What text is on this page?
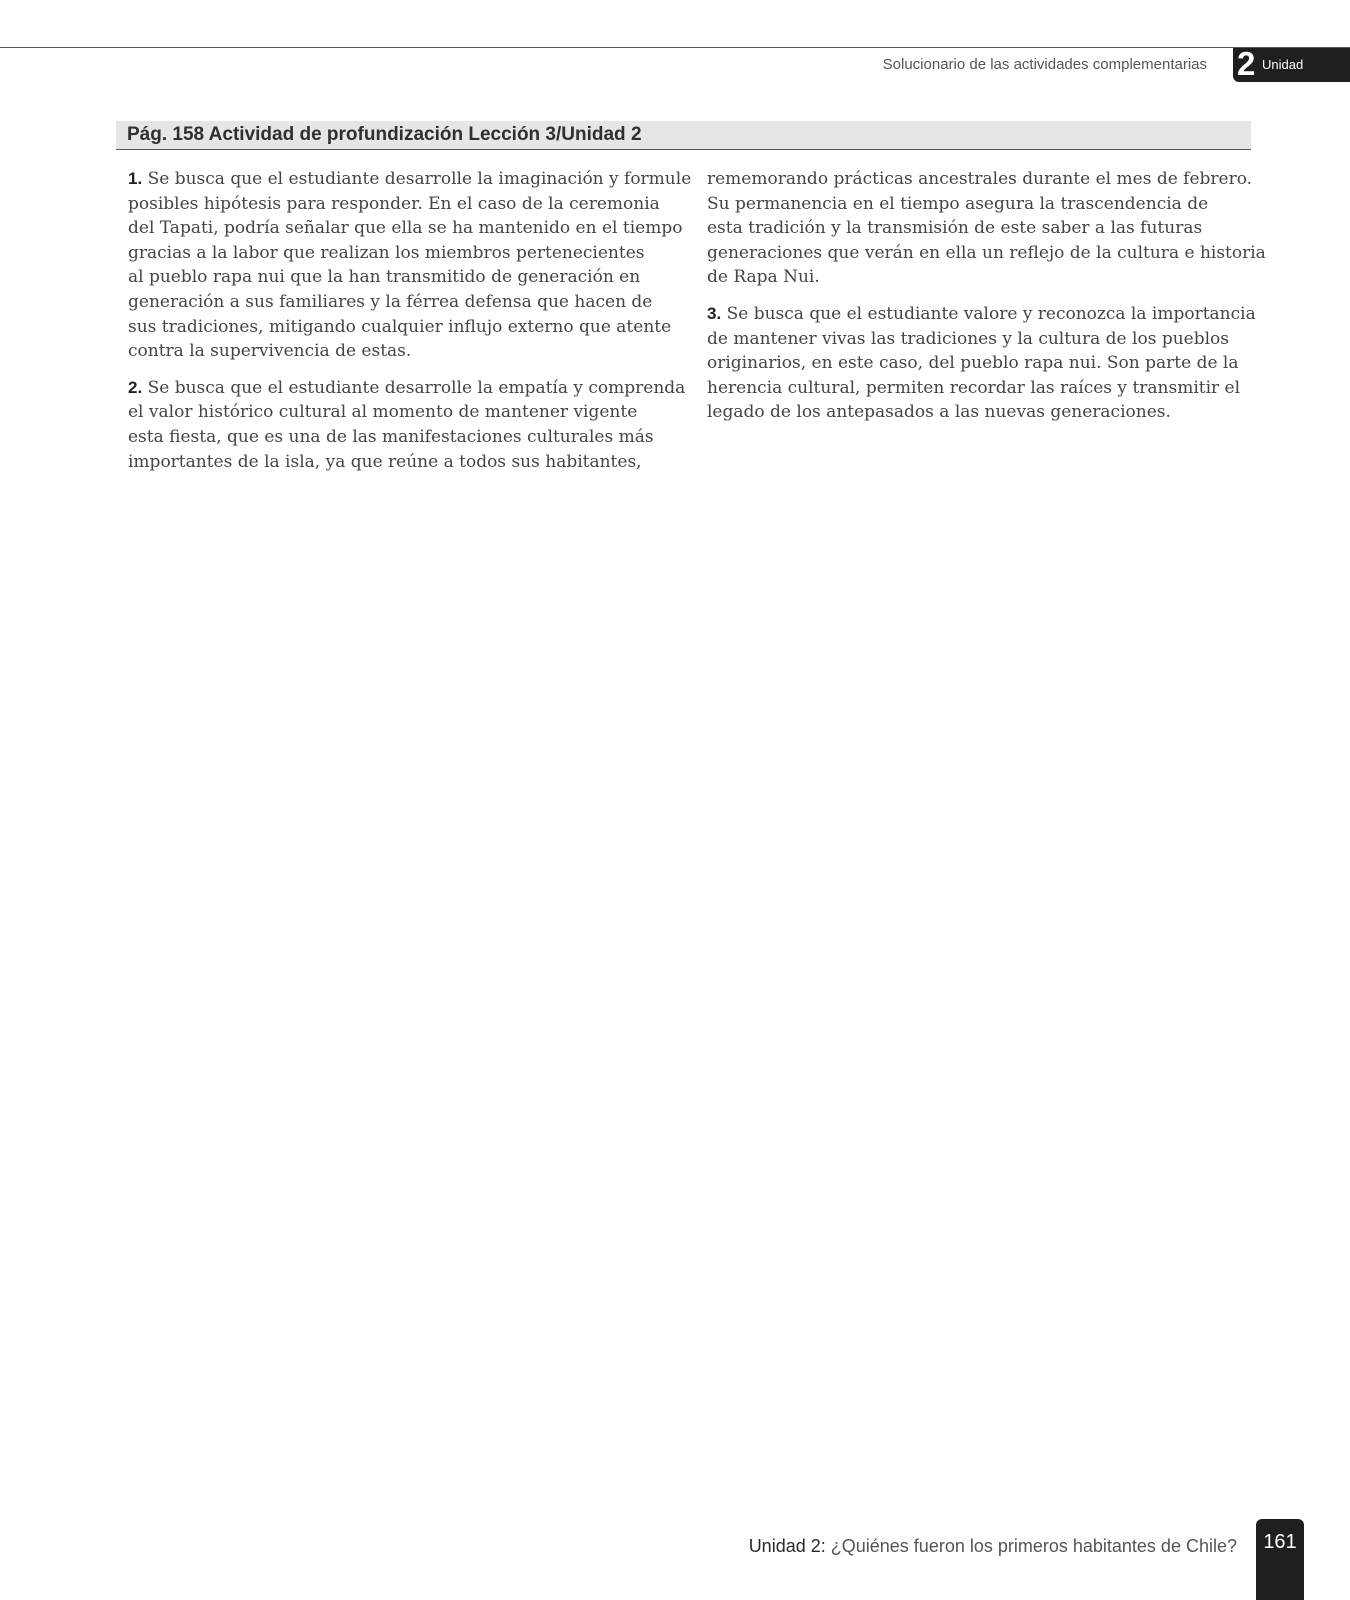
Solucionario de las actividades complementarias 2 Unidad
Pág. 158 Actividad de profundización Lección 3/Unidad 2

1. Se busca que el estudiante desarrolle la imaginación y formule
posibles hipótesis para responder. En el caso de la ceremonia
del Tapati, podría señalar que ella se ha mantenido en el tiempo
gracias a la labor que realizan los miembros pertenecientes
al pueblo rapa nui que la han transmitido de generación en
generación a sus familiares y la férrea defensa que hacen de
sus tradiciones, mitigando cualquier influjo externo que atente
contra la supervivencia de estas.

2. Se busca que el estudiante desarrolle la empatía y comprenda
el valor histórico cultural al momento de mantener vigente
esta fiesta, que es una de las manifestaciones culturales más
importantes de la isla, ya que reúne a todos sus habitantes,

rememorando prácticas ancestrales durante el mes de febrero.
Su permanencia en el tiempo asegura la trascendencia de
esta tradición y la transmisión de este saber a las futuras
generaciones que verán en ella un reflejo de la cultura e historia
de Rapa Nui.

3. Se busca que el estudiante valore y reconozca la importancia
de mantener vivas las tradiciones y la cultura de los pueblos
originarios, en este caso, del pueblo rapa nui. Son parte de la
herencia cultural, permiten recordar las raíces y transmitir el
legado de los antepasados a las nuevas generaciones.

Unidad 2: ¿Quiénes fueron los primeros habitantes de Chile?	161
